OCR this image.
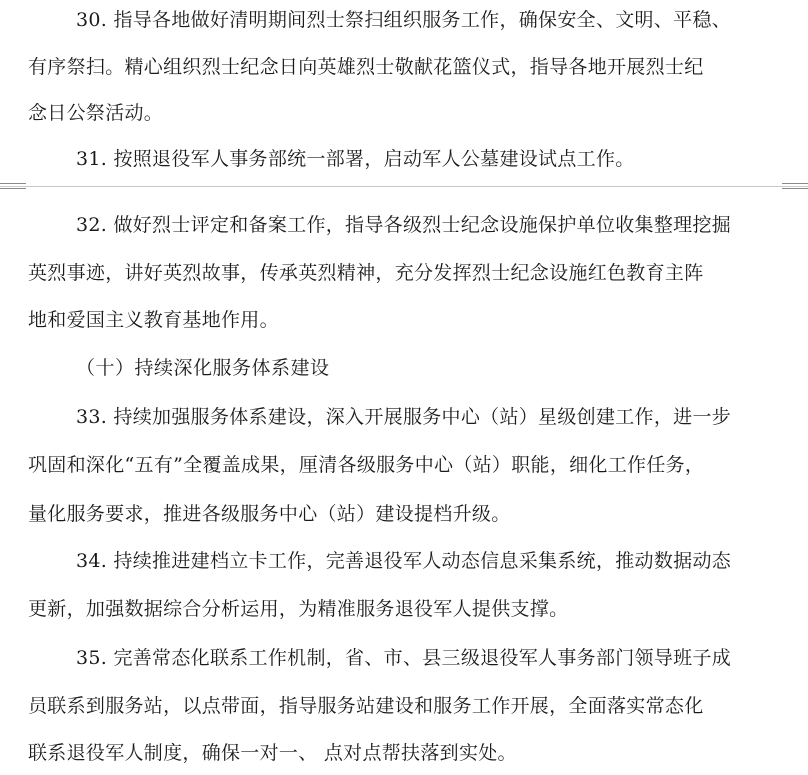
30. 指导各地做好清明期间烈士祭扫组织服务工作，确保安全、文明、平稳、
有序祭扫。精心组织烈士纪念日向英雄烈士敬献花篮仪式，指导各地开展烈士纪
念日公祭活动。
31. 按照退役军人事务部统一部署，启动军人公墓建设试点工作。
32. 做好烈士评定和备案工作，指导各级烈士纪念设施保护单位收集整理挖掘
英烈事迹，讲好英烈故事，传承英烈精神，充分发挥烈士纪念设施红色教育主阵
地和爱国主义教育基地作用。
（十）持续深化服务体系建设
33. 持续加强服务体系建设，深入开展服务中心（站）星级创建工作，进一步
巩固和深化“五有”全覆盖成果，厘清各级服务中心（站）职能，细化工作任务，
量化服务要求，推进各级服务中心（站）建设提档升级。
34. 持续推进建档立卡工作，完善退役军人动态信息采集系统，推动数据动态
更新，加强数据综合分析运用，为精准服务退役军人提供支撑。
35. 完善常态化联系工作机制，省、市、县三级退役军人事务部门领导班子成
员联系到服务站，以点带面，指导服务站建设和服务工作开展，全面落实常态化
联系退役军人制度，确保一对一、 点对点帮扶落到实处。
